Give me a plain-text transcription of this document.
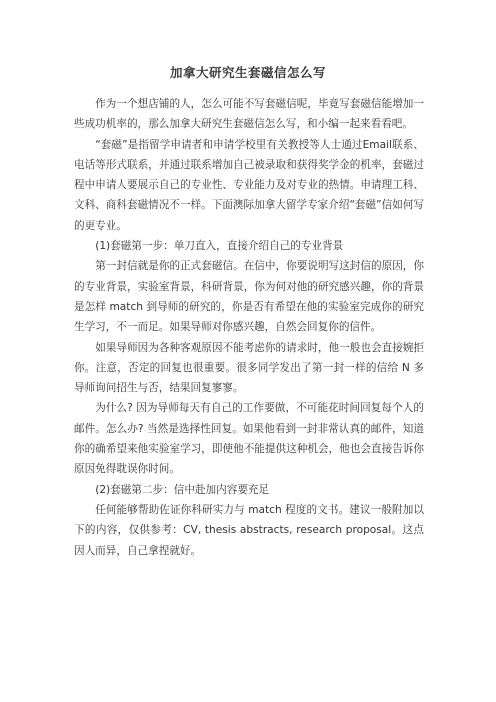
加拿大研究生套磁信怎么写

作为一个想店铺的人，怎么可能不写套磁信呢，毕竟写套磁信能增加一些成功机率的，那么加拿大研究生套磁信怎么写，和小编一起来看看吧。

“套磁”是指留学申请者和申请学校里有关教授等人士通过Email联系、电话等形式联系，并通过联系增加自己被录取和获得奖学金的机率，套磁过程中申请人要展示自己的专业性、专业能力及对专业的热情。申请理工科、文科、商科套磁情况不一样。下面澳际加拿大留学专家介绍“套磁”信如何写的更专业。

(1)套磁第一步：单刀直入，直接介绍自己的专业背景

第一封信就是你的正式套磁信。在信中，你要说明写这封信的原因，你的专业背景，实验室背景，科研背景，你为何对他的研究感兴趣，你的背景是怎样 match 到导师的研究的，你是否有希望在他的实验室完成你的研究生学习，不一而足。如果导师对你感兴趣，自然会回复你的信件。

如果导师因为各种客观原因不能考虑你的请求时，他一般也会直接婉拒你。注意，否定的回复也很重要。很多同学发出了第一封一样的信给 N 多导师询问招生与否，结果回复寥寥。

为什么? 因为导师每天有自己的工作要做，不可能花时间回复每个人的邮件。怎么办? 当然是选择性回复。如果他看到一封非常认真的邮件，知道你的确希望来他实验室学习，即使他不能提供这种机会，他也会直接告诉你原因免得耽误你时间。

(2)套磁第二步：信中赴加内容要充足

任何能够帮助佐证你科研实力与 match 程度的文书。建议一般附加以下的内容，仅供参考：CV, thesis abstracts, research proposal。这点因人而异，自己拿捏就好。
